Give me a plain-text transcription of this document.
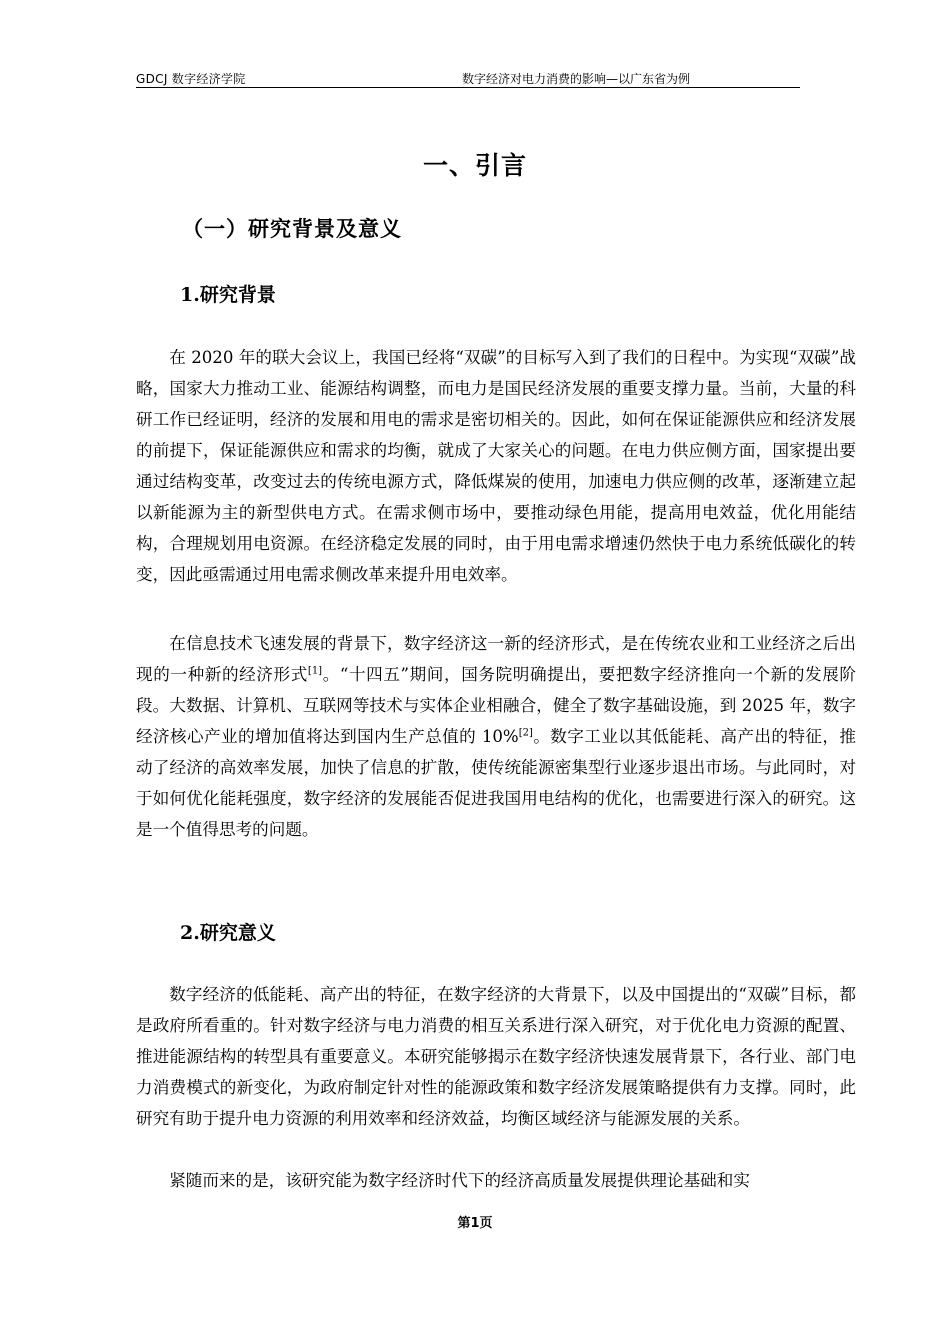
GDCJ 数字经济学院	数字经济对电力消费的影响—以广东省为例
一、引言
（一）研究背景及意义
1.研究背景

在 2020 年的联大会议上，我国已经将“双碳”的目标写入到了我们的日程中。为实现“双碳”战略，国家大力推动工业、能源结构调整，而电力是国民经济发展的重要支撑力量。当前，大量的科研工作已经证明，经济的发展和用电的需求是密切相关的。因此，如何在保证能源供应和经济发展的前提下，保证能源供应和需求的均衡，就成了大家关心的问题。在电力供应侧方面，国家提出要通过结构变革，改变过去的传统电源方式，降低煤炭的使用，加速电力供应侧的改革，逐渐建立起以新能源为主的新型供电方式。在需求侧市场中，要推动绿色用能，提高用电效益，优化用能结构，合理规划用电资源。在经济稳定发展的同时，由于用电需求增速仍然快于电力系统低碳化的转变，因此亟需通过用电需求侧改革来提升用电效率。

在信息技术飞速发展的背景下，数字经济这一新的经济形式，是在传统农业和工业经济之后出现的一种新的经济形式[1]。“十四五”期间，国务院明确提出，要把数字经济推向一个新的发展阶段。大数据、计算机、互联网等技术与实体企业相融合，健全了数字基础设施，到 2025 年，数字经济核心产业的增加值将达到国内生产总值的 10%[2]。数字工业以其低能耗、高产出的特征，推动了经济的高效率发展，加快了信息的扩散，使传统能源密集型行业逐步退出市场。与此同时，对于如何优化能耗强度，数字经济的发展能否促进我国用电结构的优化，也需要进行深入的研究。这是一个值得思考的问题。

2.研究意义

数字经济的低能耗、高产出的特征，在数字经济的大背景下，以及中国提出的“双碳”目标，都是政府所看重的。针对数字经济与电力消费的相互关系进行深入研究，对于优化电力资源的配置、推进能源结构的转型具有重要意义。本研究能够揭示在数字经济快速发展背景下，各行业、部门电力消费模式的新变化，为政府制定针对性的能源政策和数字经济发展策略提供有力支撑。同时，此研究有助于提升电力资源的利用效率和经济效益，均衡区域经济与能源发展的关系。

紧随而来的是，该研究能为数字经济时代下的经济高质量发展提供理论基础和实

第1页
